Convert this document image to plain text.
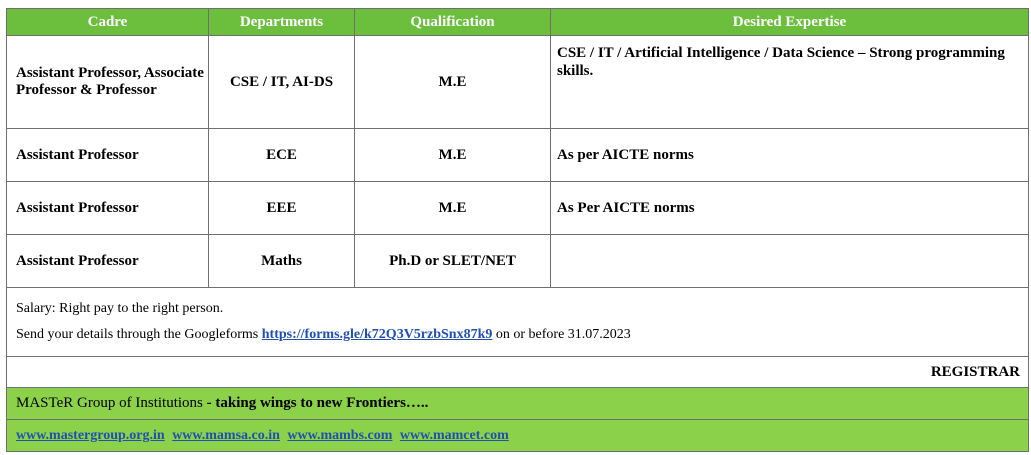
Cadre	Departments	Qualification	Desired Expertise
Assistant Professor, Associate Professor & Professor	CSE / IT, AI-DS	M.E	CSE / IT / Artificial Intelligence / Data Science – Strong programming skills.
Assistant Professor	ECE	M.E	As per AICTE norms
Assistant Professor	EEE	M.E	As Per AICTE norms
Assistant Professor	Maths	Ph.D or SLET/NET	

Salary: Right pay to the right person.
Send your details through the Googleforms https://forms.gle/k72Q3V5rzbSnx87k9 on or before 31.07.2023			

REGISTRAR			
MASTeR Group of Institutions - taking wings to new Frontiers…..			
www.mastergroup.org.in www.mamsa.co.in www.mambs.com www.mamcet.com			
